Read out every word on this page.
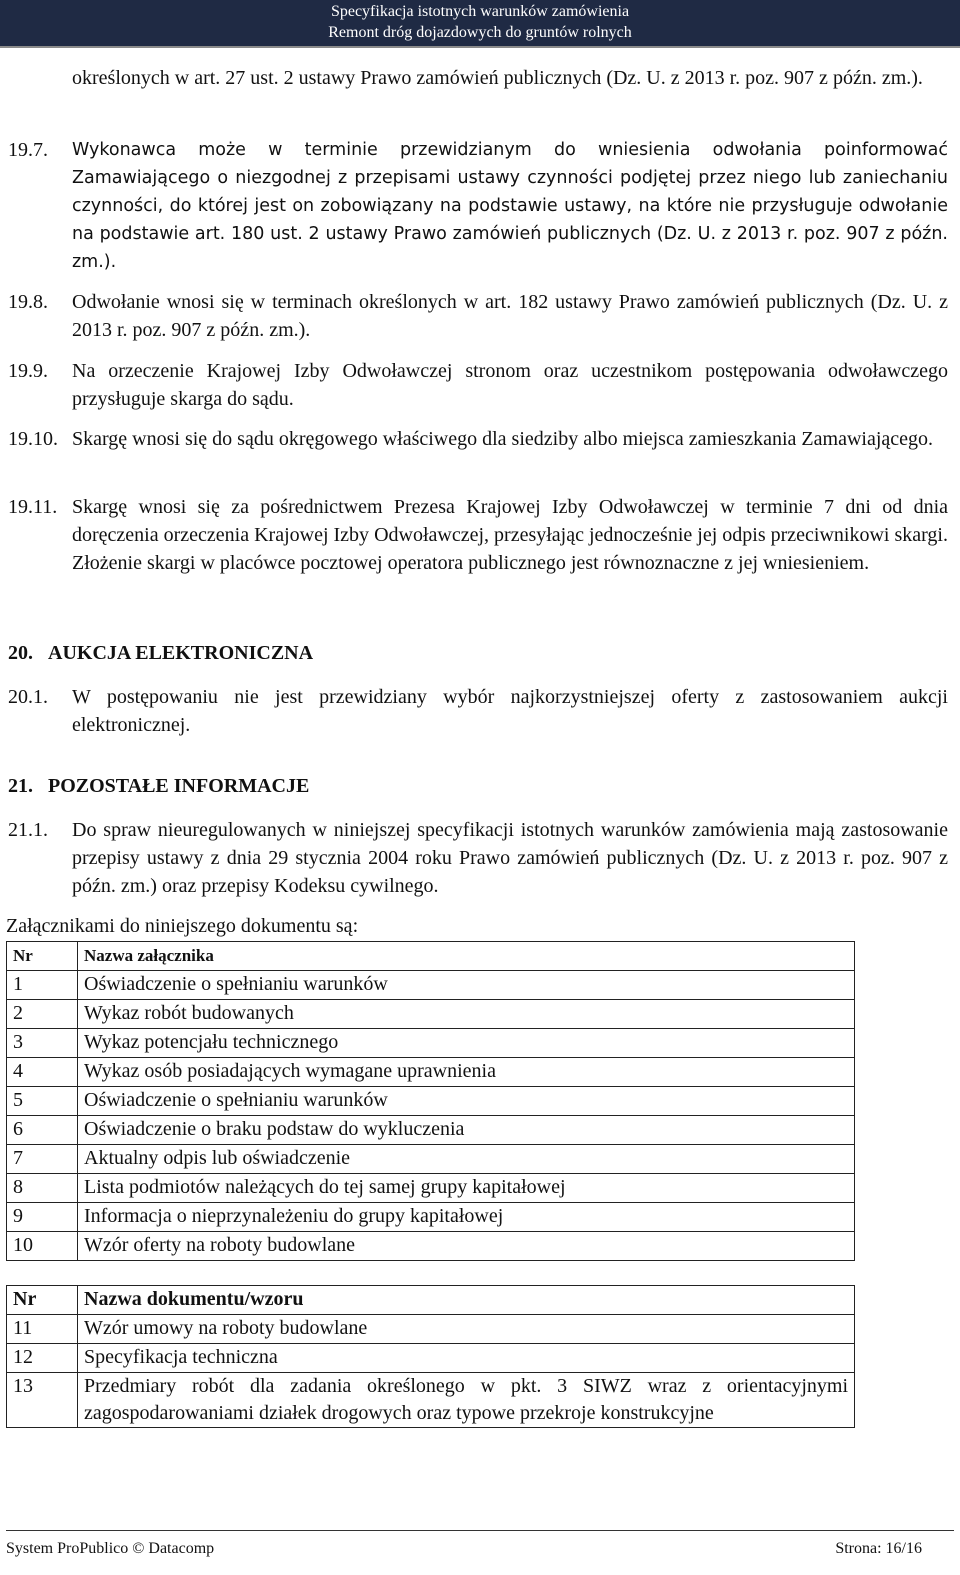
Specyfikacja istotnych warunków zamówienia
Remont dróg dojazdowych do gruntów rolnych
określonych w art. 27 ust. 2 ustawy Prawo zamówień publicznych (Dz. U. z 2013 r. poz. 907 z późn. zm.).
19.7. Wykonawca może w terminie przewidzianym do wniesienia odwołania poinformować Zamawiającego o niezgodnej z przepisami ustawy czynności podjętej przez niego lub zaniechaniu czynności, do której jest on zobowiązany na podstawie ustawy, na które nie przysługuje odwołanie na podstawie art. 180 ust. 2 ustawy Prawo zamówień publicznych (Dz. U. z 2013 r. poz. 907 z późn. zm.).
19.8. Odwołanie wnosi się w terminach określonych w art. 182 ustawy Prawo zamówień publicznych (Dz. U. z 2013 r. poz. 907 z późn. zm.).
19.9. Na orzeczenie Krajowej Izby Odwoławczej stronom oraz uczestnikom postępowania odwoławczego przysługuje skarga do sądu.
19.10. Skargę wnosi się do sądu okręgowego właściwego dla siedziby albo miejsca zamieszkania Zamawiającego.
19.11. Skargę wnosi się za pośrednictwem Prezesa Krajowej Izby Odwoławczej w terminie 7 dni od dnia doręczenia orzeczenia Krajowej Izby Odwoławczej, przesyłając jednocześnie jej odpis przeciwnikowi skargi. Złożenie skargi w placówce pocztowej operatora publicznego jest równoznaczne z jej wniesieniem.
20. AUKCJA ELEKTRONICZNA
20.1. W postępowaniu nie jest przewidziany wybór najkorzystniejszej oferty z zastosowaniem aukcji elektronicznej.
21. POZOSTAŁE INFORMACJE
21.1. Do spraw nieuregulowanych w niniejszej specyfikacji istotnych warunków zamówienia mają zastosowanie przepisy ustawy z dnia 29 stycznia 2004 roku Prawo zamówień publicznych (Dz. U. z 2013 r. poz. 907 z późn. zm.) oraz przepisy Kodeksu cywilnego.
Załącznikami do niniejszego dokumentu są:
Nr	Nazwa załącznika
1	Oświadczenie o spełnianiu warunków
2	Wykaz robót budowanych
3	Wykaz potencjału technicznego
4	Wykaz osób posiadających wymagane uprawnienia
5	Oświadczenie o spełnianiu warunków
6	Oświadczenie o braku podstaw do wykluczenia
7	Aktualny odpis lub oświadczenie
8	Lista podmiotów należących do tej samej grupy kapitałowej
9	Informacja o nieprzynależeniu do grupy kapitałowej
10	Wzór oferty na roboty budowlane
Nr	Nazwa dokumentu/wzoru
11	Wzór umowy na roboty budowlane
12	Specyfikacja techniczna
13	Przedmiary robót dla zadania określonego w pkt. 3 SIWZ wraz z orientacyjnymi zagospodarowaniami działek drogowych oraz typowe przekroje konstrukcyjne
System ProPublico © Datacomp	Strona: 16/16
